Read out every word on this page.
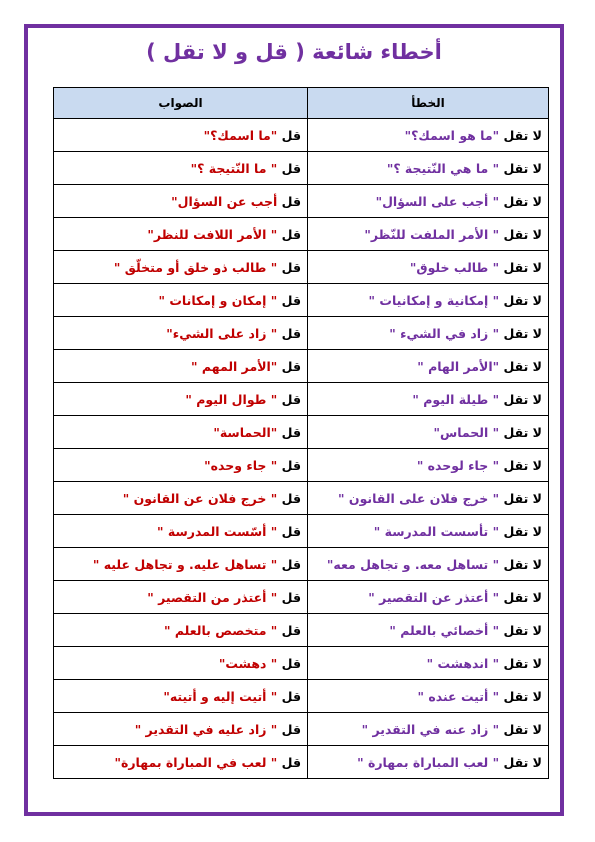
أخطاء شائعة ( قل و لا تقل )
الخطأ	الصواب
لا تقل "ما هو اسمك؟"	قل "ما اسمك؟"
لا تقل " ما هي النّتيجة ؟"	قل " ما النّتيجة ؟"
لا تقل " أجب على السؤال"	قل أجب عن السؤال"
لا تقل " الأمر الملفت للنّظر"	قل " الأمر اللافت للنظر"
لا تقل " طالب خلوق"	قل " طالب ذو خلق أو متخلّق "
لا تقل " إمكانية و إمكانيات "	قل " إمكان و إمكانات "
لا تقل " زاد في الشيء "	قل " زاد على الشيء"
لا تقل "الأمر الهام "	قل "الأمر المهم "
لا تقل " طيلة اليوم "	قل " طوال اليوم "
لا تقل " الحماس"	قل "الحماسة"
لا تقل " جاء لوحده "	قل " جاء وحده"
لا تقل " خرج فلان على القانون "	قل " خرج فلان عن القانون "
لا تقل " تأسست المدرسة "	قل " أسّست المدرسة "
لا تقل " تساهل معه. و تجاهل معه"	قل " تساهل عليه. و تجاهل عليه "
لا تقل " أعتذر عن التقصير "	قل " أعتذر من التقصير "
لا تقل " أخصائي بالعلم "	قل " متخصص بالعلم "
لا تقل " اندهشت "	قل " دهشت"
لا تقل " أتيت عنده "	قل " أتيت إليه و أتيته"
لا تقل " زاد عنه في التقدير "	قل " زاد عليه في التقدير "
لا تقل " لعب المباراة بمهارة "	قل " لعب في المباراة بمهارة"
